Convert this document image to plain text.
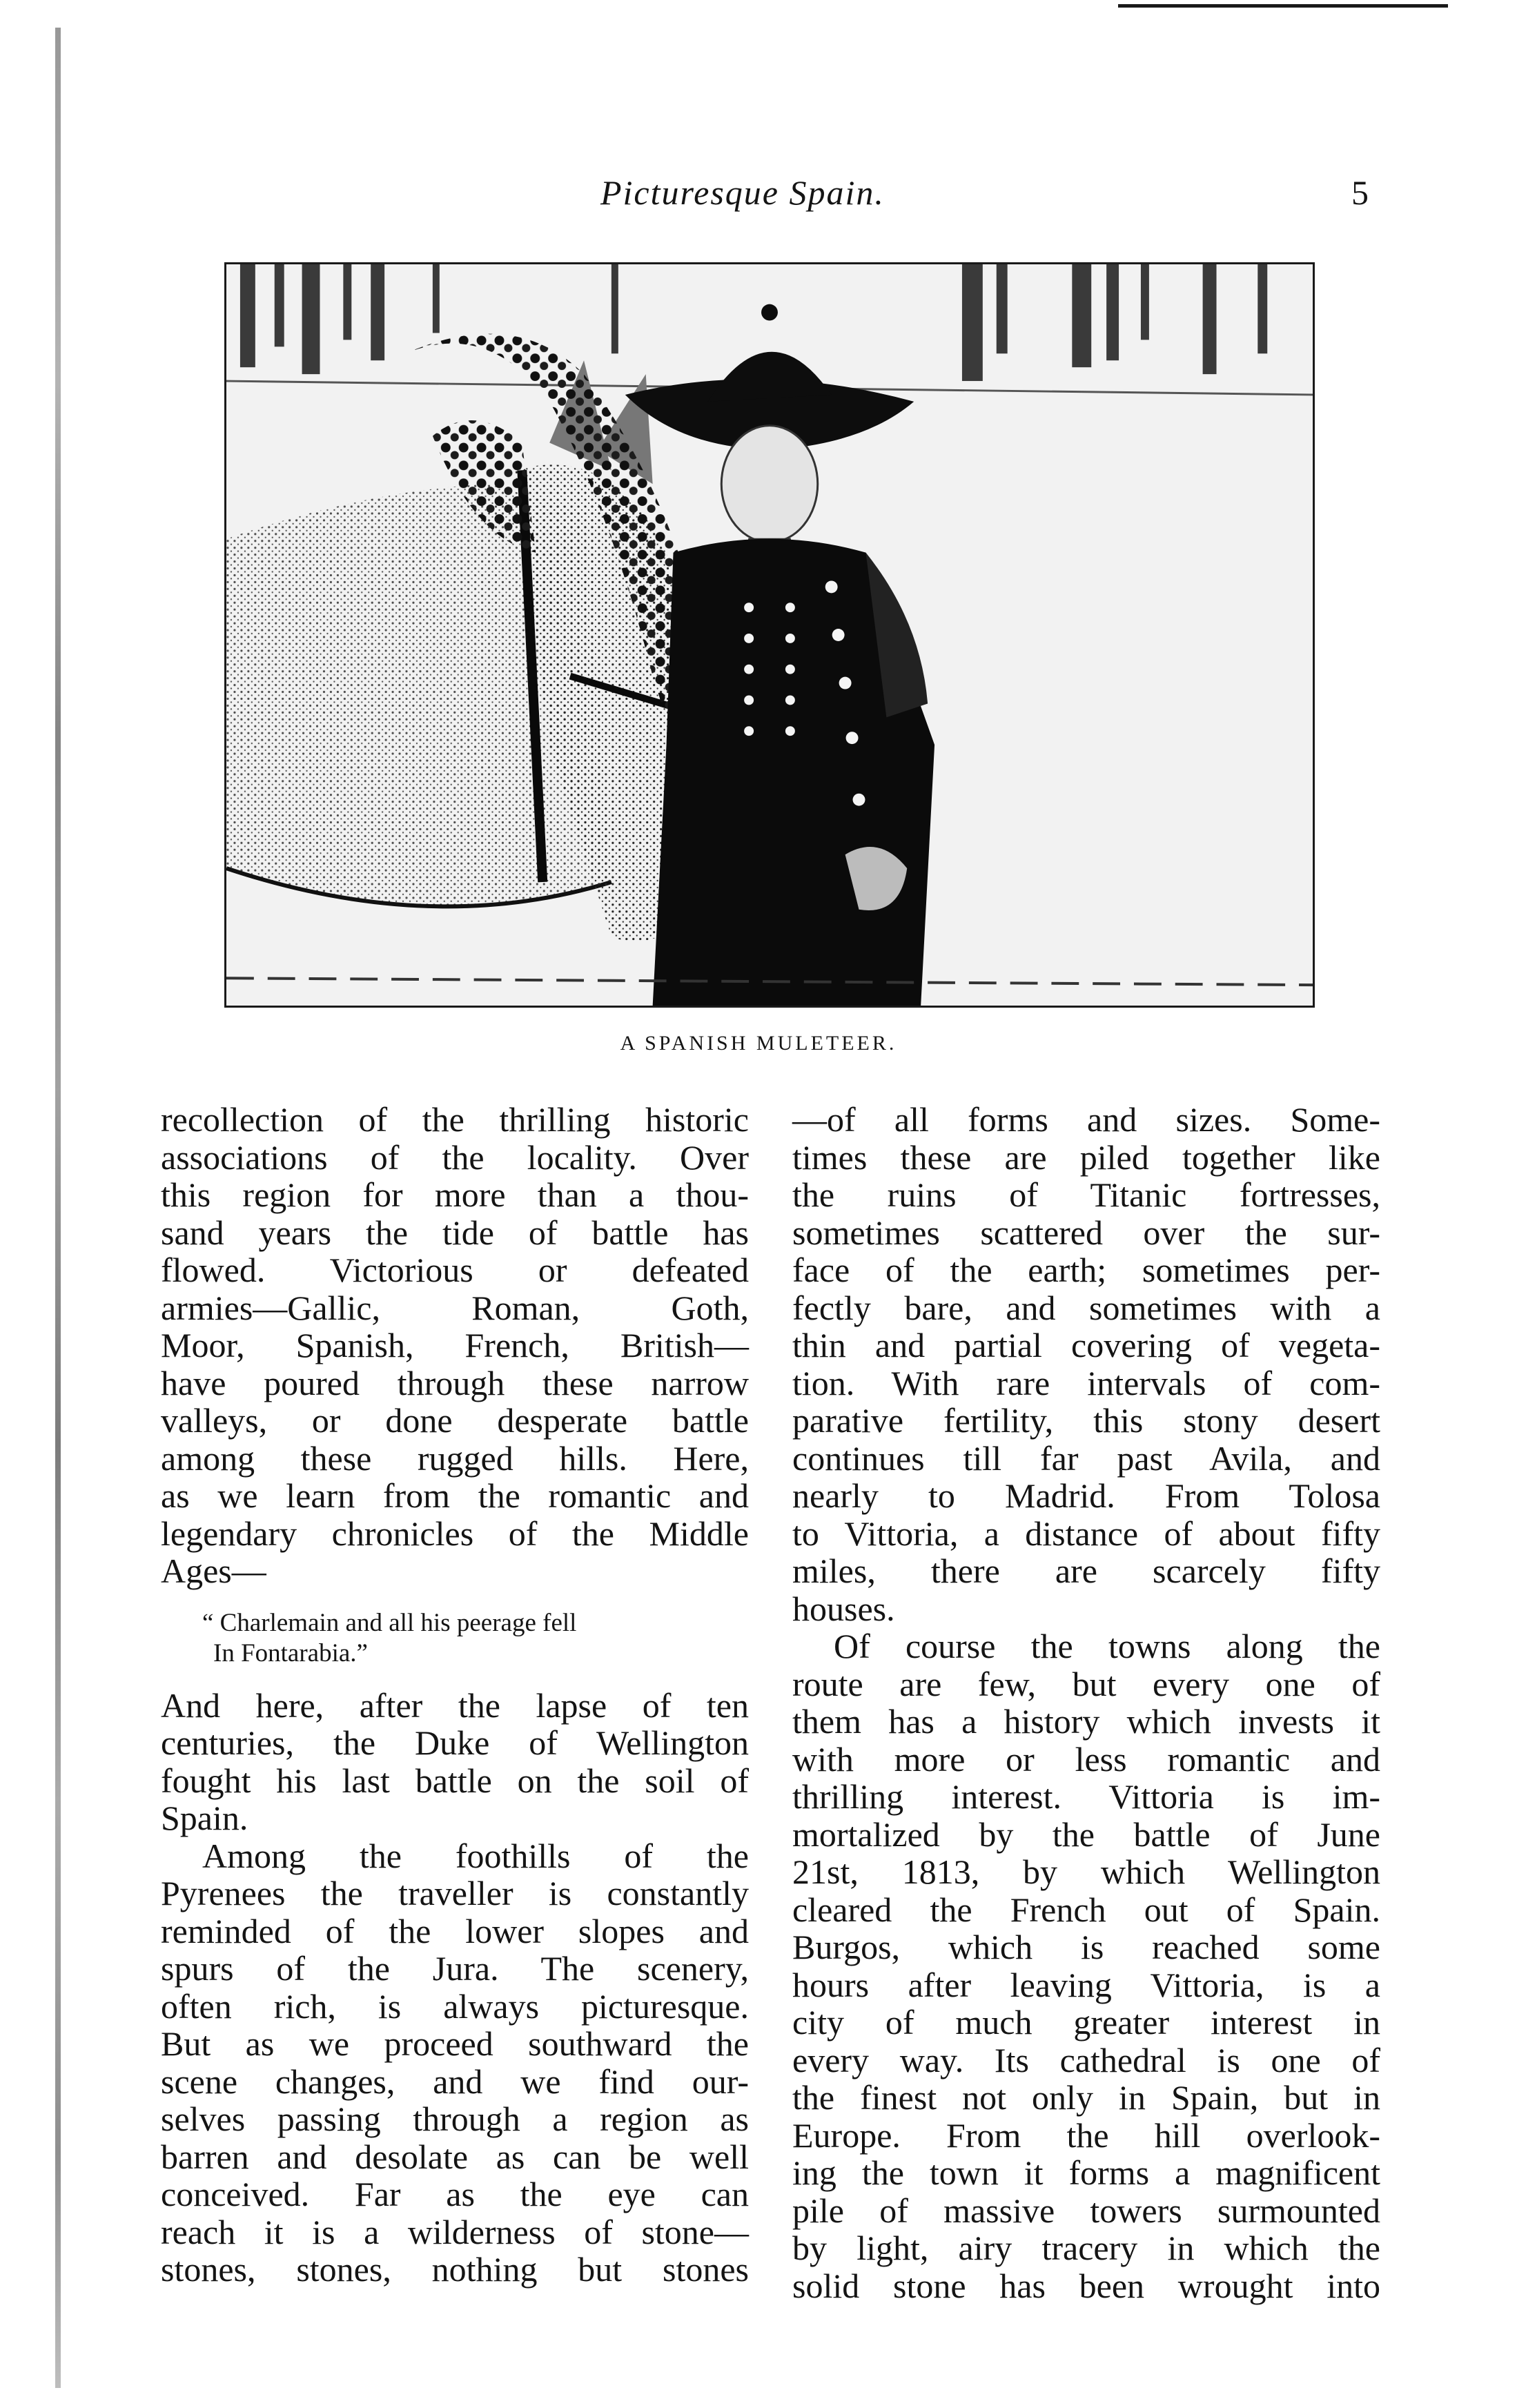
Picturesque Spain.	5
A SPANISH MULETEER.
recollection of the thrilling historic
associations of the locality. Over
this region for more than a thou-
sand years the tide of battle has
flowed. Victorious or defeated
armies—Gallic, Roman, Goth,
Moor, Spanish, French, British—
have poured through these narrow
valleys, or done desperate battle
among these rugged hills. Here,
as we learn from the romantic and
legendary chronicles of the Middle
Ages—
“ Charlemain and all his peerage fell
In Fontarabia.”
And here, after the lapse of ten
centuries, the Duke of Wellington
fought his last battle on the soil of
Spain.
Among the foothills of the
Pyrenees the traveller is constantly
reminded of the lower slopes and
spurs of the Jura. The scenery,
often rich, is always picturesque.
But as we proceed southward the
scene changes, and we find our-
selves passing through a region as
barren and desolate as can be well
conceived. Far as the eye can
reach it is a wilderness of stone—
stones, stones, nothing but stones
—of all forms and sizes. Some-
times these are piled together like
the ruins of Titanic fortresses,
sometimes scattered over the sur-
face of the earth; sometimes per-
fectly bare, and sometimes with a
thin and partial covering of vegeta-
tion. With rare intervals of com-
parative fertility, this stony desert
continues till far past Avila, and
nearly to Madrid. From Tolosa
to Vittoria, a distance of about fifty
miles, there are scarcely fifty
houses.
Of course the towns along the
route are few, but every one of
them has a history which invests it
with more or less romantic and
thrilling interest. Vittoria is im-
mortalized by the battle of June
21st, 1813, by which Wellington
cleared the French out of Spain.
Burgos, which is reached some
hours after leaving Vittoria, is a
city of much greater interest in
every way. Its cathedral is one of
the finest not only in Spain, but in
Europe. From the hill overlook-
ing the town it forms a magnificent
pile of massive towers surmounted
by light, airy tracery in which the
solid stone has been wrought into
